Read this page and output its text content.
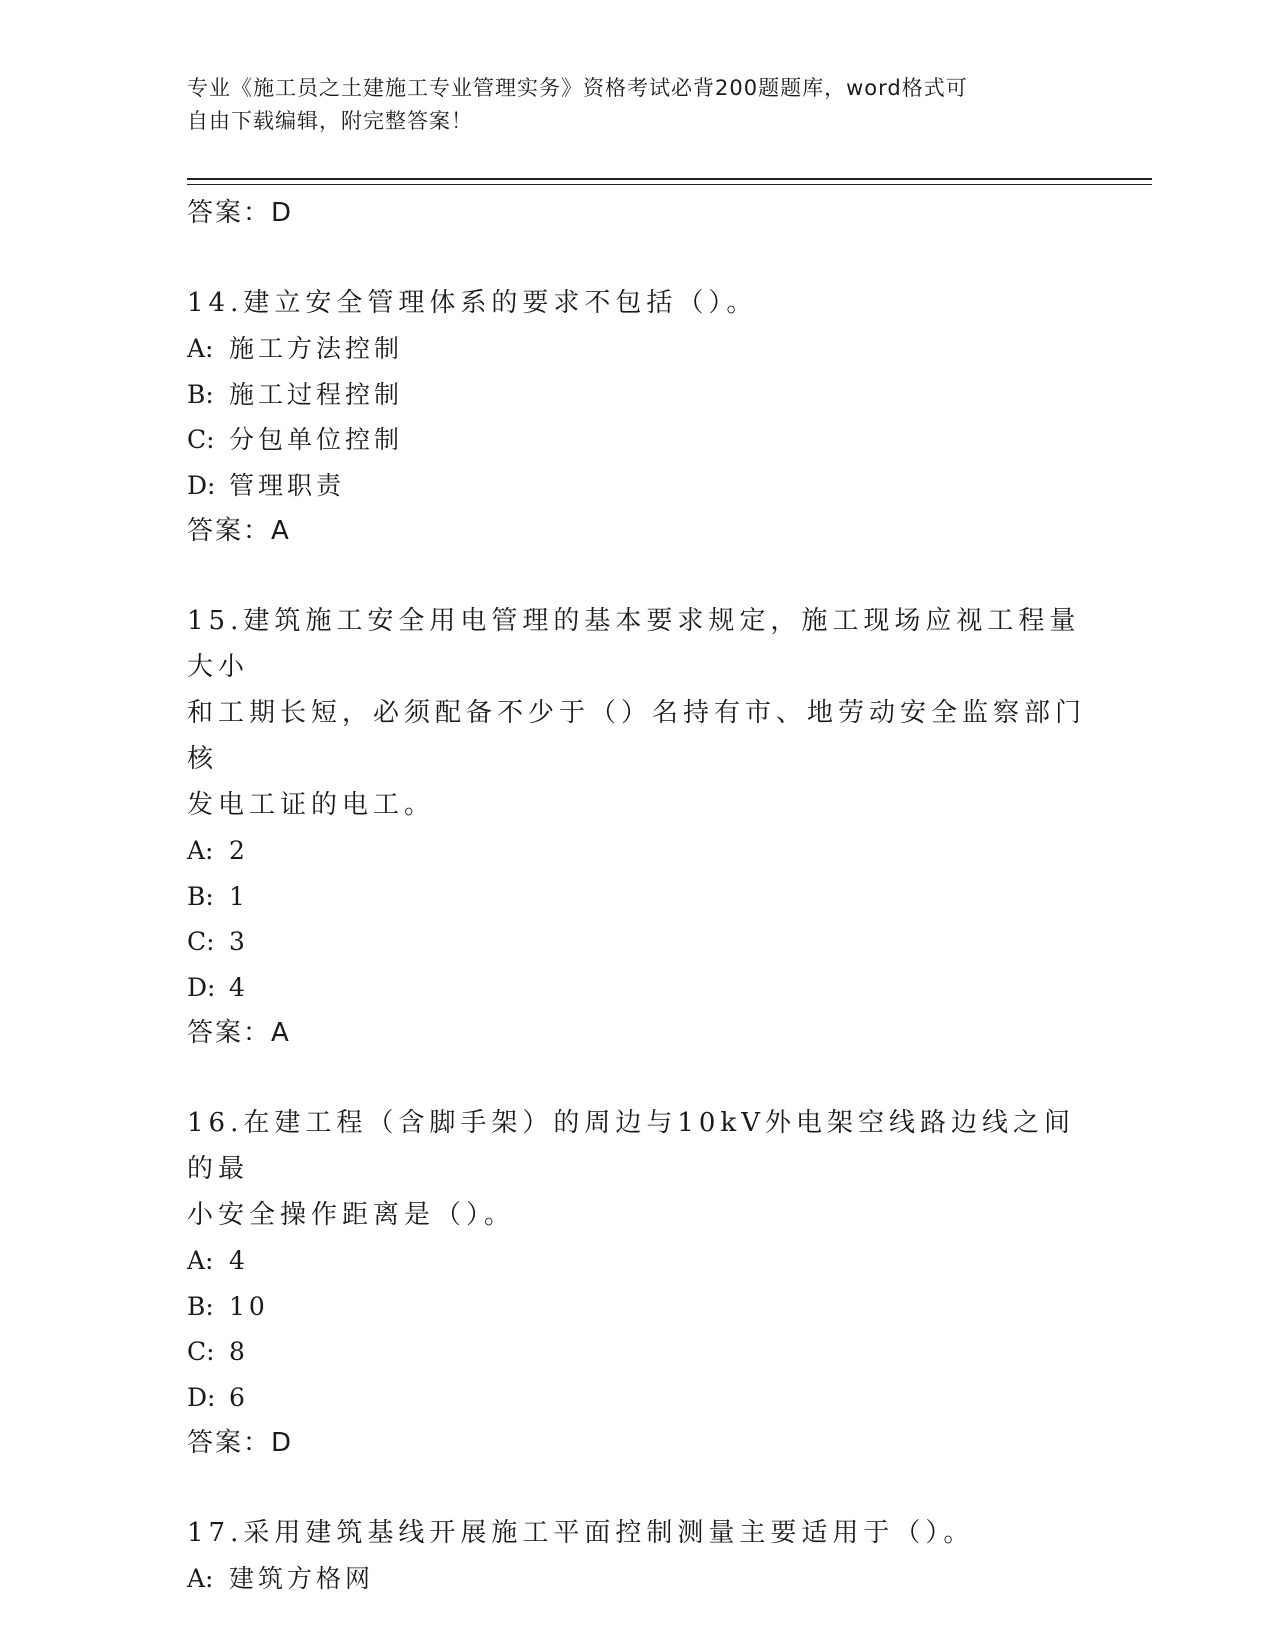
专业《施工员之土建施工专业管理实务》资格考试必背200题题库，word格式可
自由下载编辑，附完整答案！

答案：D

14.建立安全管理体系的要求不包括（）。

A: 施工方法控制

B: 施工过程控制

C: 分包单位控制

D: 管理职责

答案：A

15.建筑施工安全用电管理的基本要求规定，施工现场应视工程量大小

和工期长短，必须配备不少于（）名持有市、地劳动安全监察部门核

发电工证的电工。

A: 2

B: 1

C: 3

D: 4

答案：A

16.在建工程（含脚手架）的周边与10kV外电架空线路边线之间的最

小安全操作距离是（）。

A: 4

B: 10

C: 8

D: 6

答案：D

17.采用建筑基线开展施工平面控制测量主要适用于（）。

A: 建筑方格网
